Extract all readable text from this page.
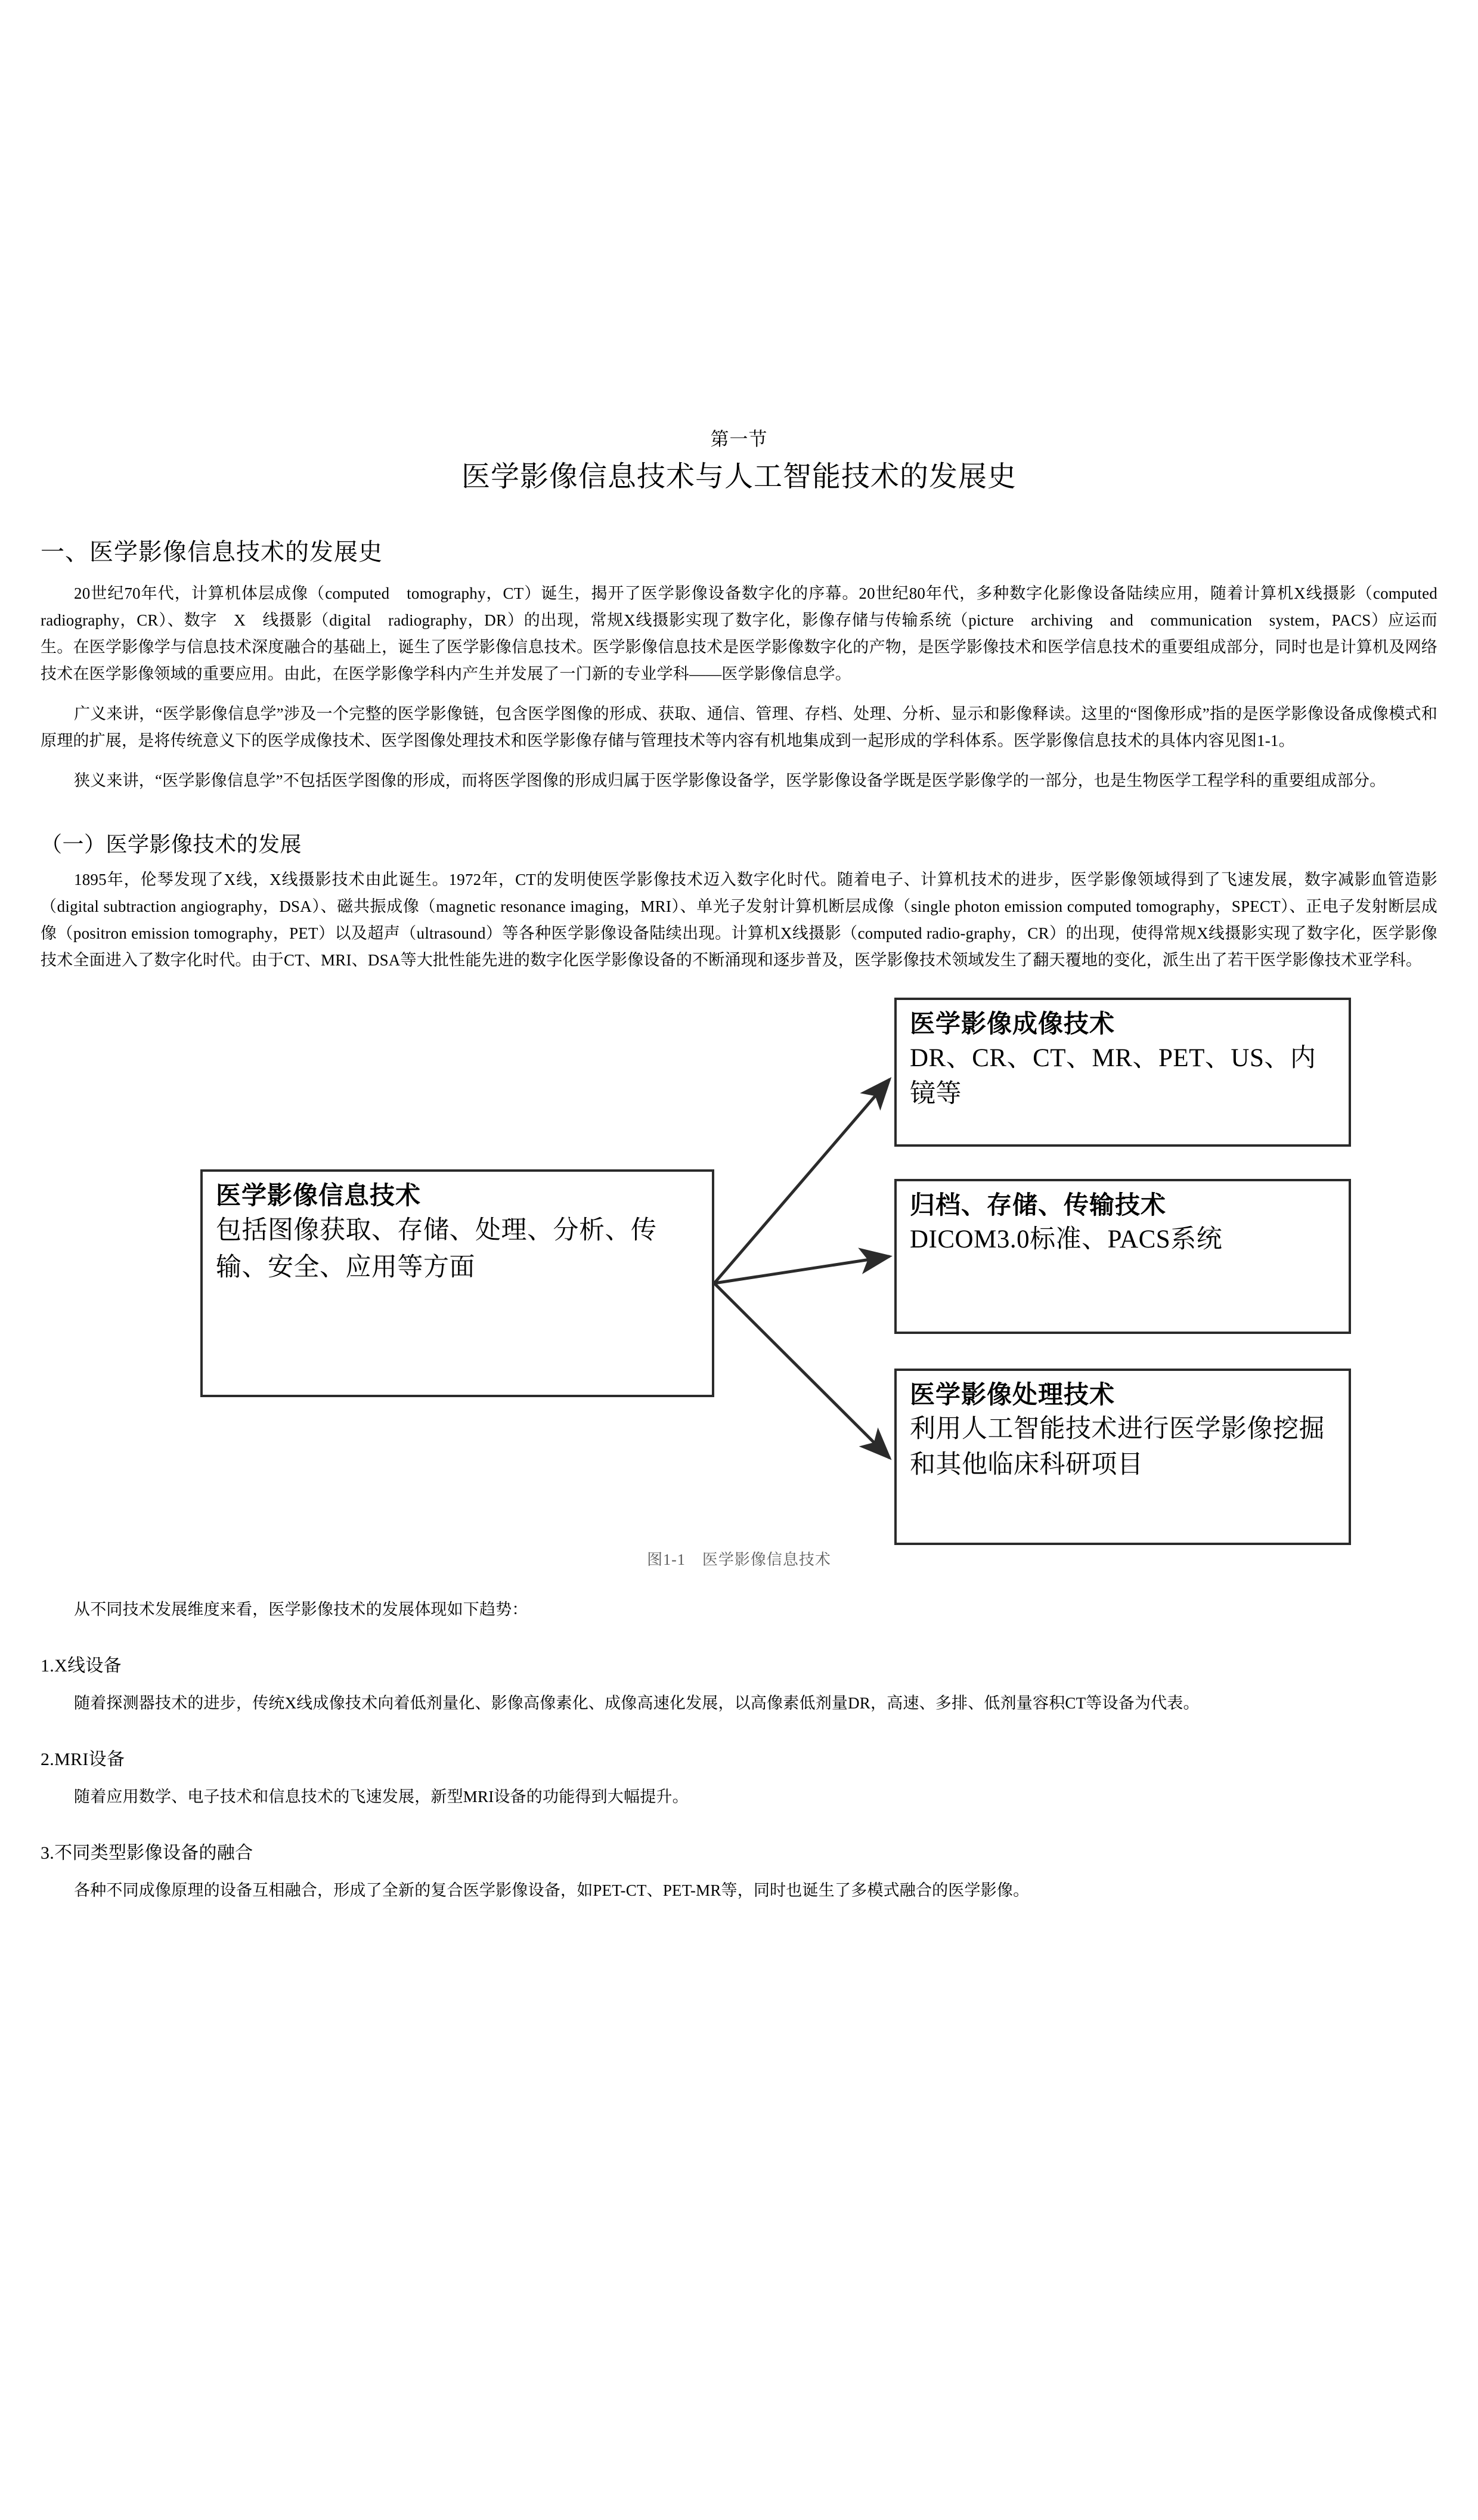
第一节
医学影像信息技术与人工智能技术的发展史
一、医学影像信息技术的发展史

20世纪70年代，计算机体层成像（computed　tomography，CT）诞生，揭开了医学影像设备数字化的序幕。20世纪80年代，多种数字化影像设备陆续应用，随着计算机X线摄影（computed　radiography，CR）、数字　X　线摄影（digital　radiography，DR）的出现，常规X线摄影实现了数字化，影像存储与传输系统（picture　archiving　and　communication　system，PACS）应运而生。在医学影像学与信息技术深度融合的基础上，诞生了医学影像信息技术。医学影像信息技术是医学影像数字化的产物，是医学影像技术和医学信息技术的重要组成部分，同时也是计算机及网络技术在医学影像领域的重要应用。由此，在医学影像学科内产生并发展了一门新的专业学科——医学影像信息学。

广义来讲，“医学影像信息学”涉及一个完整的医学影像链，包含医学图像的形成、获取、通信、管理、存档、处理、分析、显示和影像释读。这里的“图像形成”指的是医学影像设备成像模式和原理的扩展，是将传统意义下的医学成像技术、医学图像处理技术和医学影像存储与管理技术等内容有机地集成到一起形成的学科体系。医学影像信息技术的具体内容见图1-1。

狭义来讲，“医学影像信息学”不包括医学图像的形成，而将医学图像的形成归属于医学影像设备学，医学影像设备学既是医学影像学的一部分，也是生物医学工程学科的重要组成部分。

（一）医学影像技术的发展

1895年，伦琴发现了X线，X线摄影技术由此诞生。1972年，CT的发明使医学影像技术迈入数字化时代。随着电子、计算机技术的进步，医学影像领域得到了飞速发展，数字减影血管造影（digital subtraction angiography，DSA）、磁共振成像（magnetic resonance imaging，MRI）、单光子发射计算机断层成像（single photon emission computed tomography，SPECT）、正电子发射断层成像（positron emission tomography，PET）以及超声（ultrasound）等各种医学影像设备陆续出现。计算机X线摄影（computed radio-graphy，CR）的出现，使得常规X线摄影实现了数字化，医学影像技术全面进入了数字化时代。由于CT、MRI、DSA等大批性能先进的数字化医学影像设备的不断涌现和逐步普及，医学影像技术领域发生了翻天覆地的变化，派生出了若干医学影像技术亚学科。

医学影像信息技术
包括图像获取、存储、处理、分析、传输、安全、应用等方面
医学影像成像技术
DR、CR、CT、MR、PET、US、内镜等
归档、存储、传输技术
DICOM3.0标准、PACS系统
医学影像处理技术
利用人工智能技术进行医学影像挖掘和其他临床科研项目
图1-1 医学影像信息技术

从不同技术发展维度来看，医学影像技术的发展体现如下趋势：

1.X线设备

随着探测器技术的进步，传统X线成像技术向着低剂量化、影像高像素化、成像高速化发展，以高像素低剂量DR，高速、多排、低剂量容积CT等设备为代表。

2.MRI设备

随着应用数学、电子技术和信息技术的飞速发展，新型MRI设备的功能得到大幅提升。

3.不同类型影像设备的融合

各种不同成像原理的设备互相融合，形成了全新的复合医学影像设备，如PET-CT、PET-MR等，同时也诞生了多模式融合的医学影像。
